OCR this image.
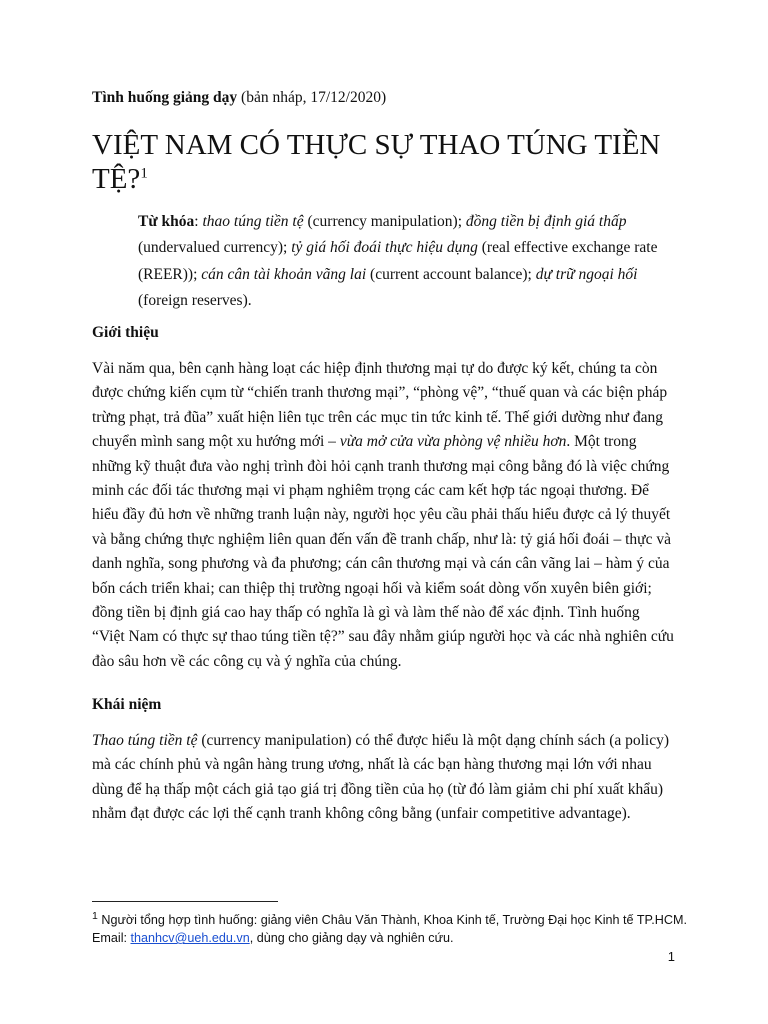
Tình huống giảng dạy (bản nháp, 17/12/2020)
VIỆT NAM CÓ THỰC SỰ THAO TÚNG TIỀN TỆ?$^1$
Từ khóa: thao túng tiền tệ (currency manipulation); đồng tiền bị định giá thấp (undervalued currency); tỷ giá hối đoái thực hiệu dụng (real effective exchange rate (REER)); cán cân tài khoản vãng lai (current account balance); dự trữ ngoại hối (foreign reserves).
Giới thiệu
Vài năm qua, bên cạnh hàng loạt các hiệp định thương mại tự do được ký kết, chúng ta còn được chứng kiến cụm từ “chiến tranh thương mại”, “phòng vệ”, “thuế quan và các biện pháp trừng phạt, trả đũa” xuất hiện liên tục trên các mục tin tức kinh tế. Thế giới dường như đang chuyển mình sang một xu hướng mới – vừa mở cửa vừa phòng vệ nhiều hơn. Một trong những kỹ thuật đưa vào nghị trình đòi hỏi cạnh tranh thương mại công bằng đó là việc chứng minh các đối tác thương mại vi phạm nghiêm trọng các cam kết hợp tác ngoại thương. Để hiểu đầy đủ hơn về những tranh luận này, người học yêu cầu phải thấu hiểu được cả lý thuyết và bằng chứng thực nghiệm liên quan đến vấn đề tranh chấp, như là: tỷ giá hối đoái – thực và danh nghĩa, song phương và đa phương; cán cân thương mại và cán cân vãng lai – hàm ý của bốn cách triển khai; can thiệp thị trường ngoại hối và kiểm soát dòng vốn xuyên biên giới; đồng tiền bị định giá cao hay thấp có nghĩa là gì và làm thế nào để xác định. Tình huống “Việt Nam có thực sự thao túng tiền tệ?” sau đây nhằm giúp người học và các nhà nghiên cứu đào sâu hơn về các công cụ và ý nghĩa của chúng.
Khái niệm
Thao túng tiền tệ (currency manipulation) có thể được hiểu là một dạng chính sách (a policy) mà các chính phủ và ngân hàng trung ương, nhất là các bạn hàng thương mại lớn với nhau dùng để hạ thấp một cách giả tạo giá trị đồng tiền của họ (từ đó làm giảm chi phí xuất khẩu) nhằm đạt được các lợi thế cạnh tranh không công bằng (unfair competitive advantage).
$^1$ Người tổng hợp tình huống: giảng viên Châu Văn Thành, Khoa Kinh tế, Trường Đại học Kinh tế TP.HCM. Email: thanhcv@ueh.edu.vn, dùng cho giảng dạy và nghiên cứu.
1
